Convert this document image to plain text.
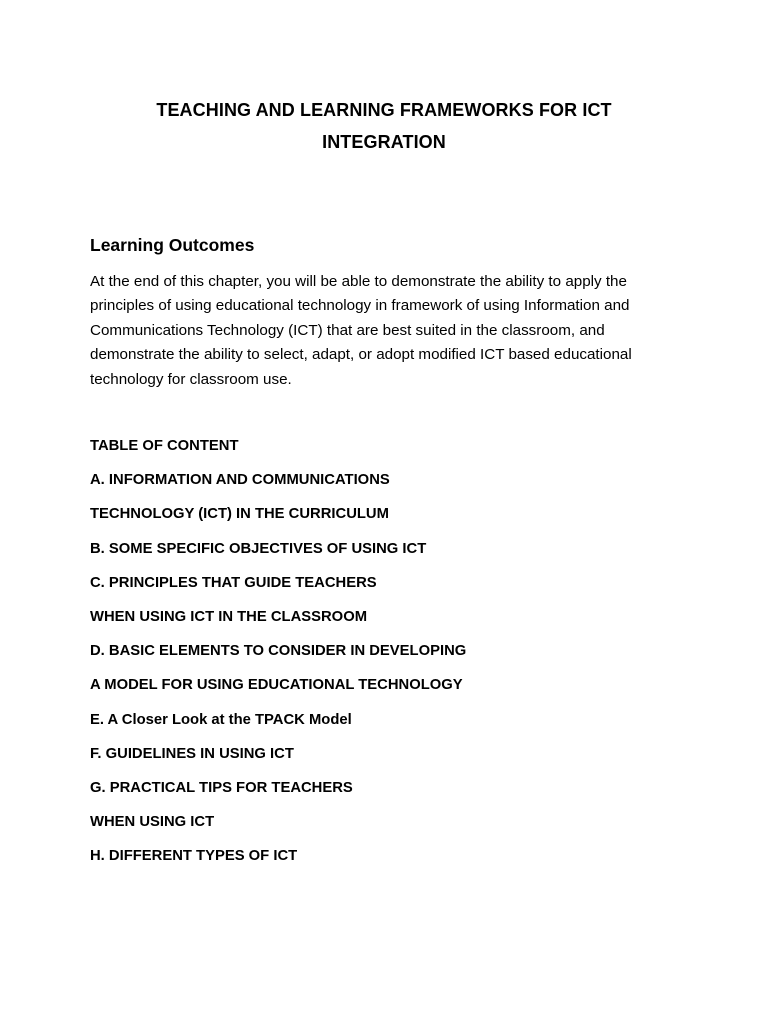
TEACHING AND LEARNING FRAMEWORKS FOR ICT
INTEGRATION
Learning Outcomes
At the end of this chapter, you will be able to demonstrate the ability to apply the
principles of using educational technology in framework of using Information and
Communications Technology (ICT) that are best suited in the classroom, and
demonstrate the ability to select, adapt, or adopt modified ICT based educational
technology for classroom use.
TABLE OF CONTENT
A. INFORMATION AND COMMUNICATIONS
TECHNOLOGY (ICT) IN THE CURRICULUM
B. SOME SPECIFIC OBJECTIVES OF USING ICT
C. PRINCIPLES THAT GUIDE TEACHERS
WHEN USING ICT IN THE CLASSROOM
D. BASIC ELEMENTS TO CONSIDER IN DEVELOPING
A MODEL FOR USING EDUCATIONAL TECHNOLOGY
E. A Closer Look at the TPACK Model
F. GUIDELINES IN USING ICT
G. PRACTICAL TIPS FOR TEACHERS
WHEN USING ICT
H. DIFFERENT TYPES OF ICT
